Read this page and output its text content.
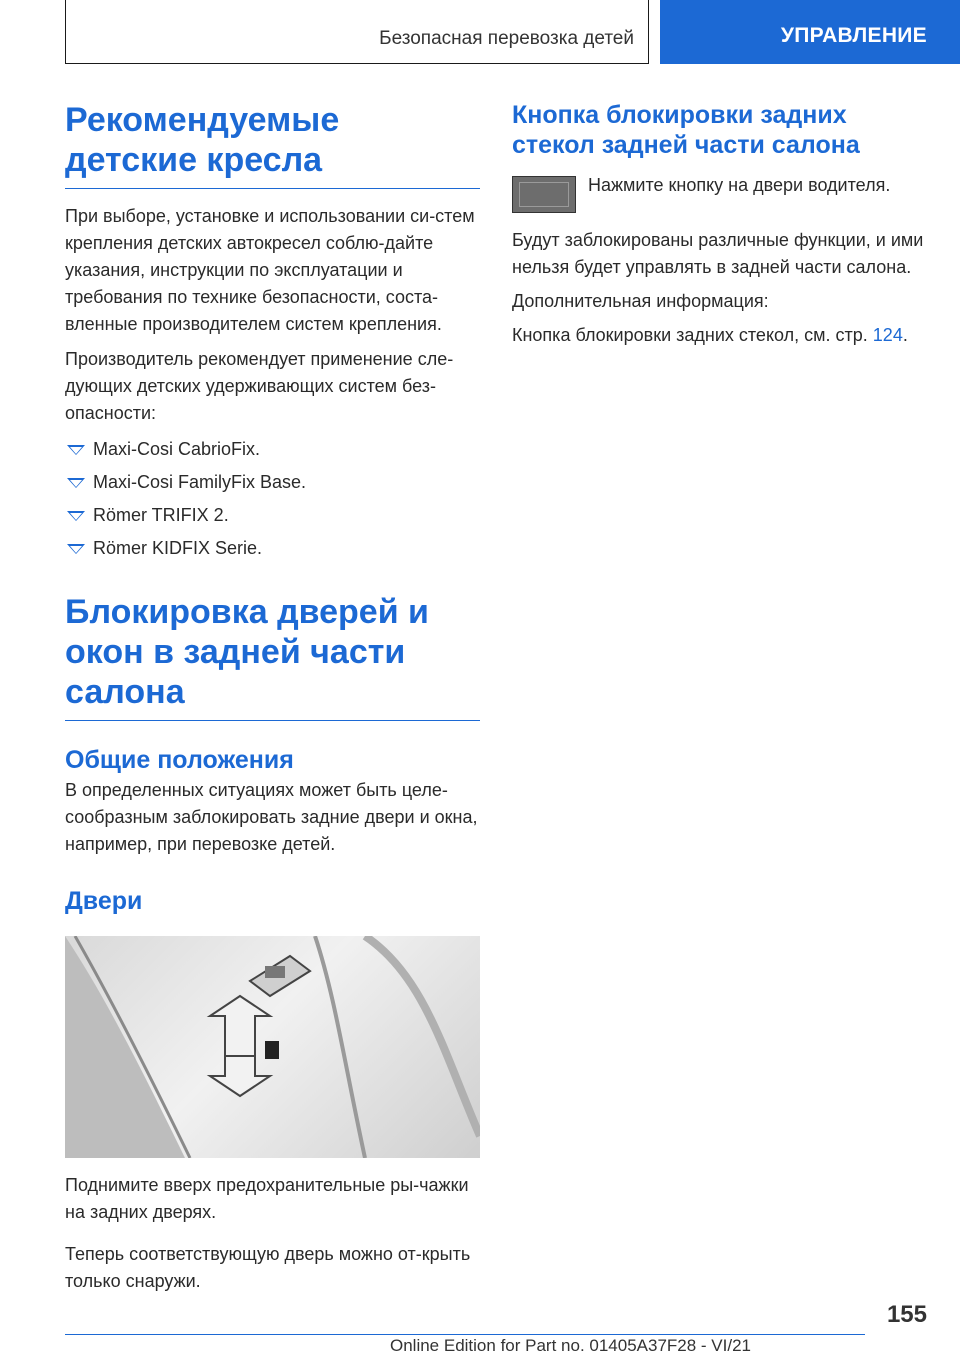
Безопасная перевозка детей	УПРАВЛЕНИЕ
Рекомендуемые детские кресла

При выборе, установке и использовании си-стем крепления детских автокресел соблю-дайте указания, инструкции по эксплуатации и требования по технике безопасности, соста-вленные производителем систем крепления.

Производитель рекомендует применение сле-дующих детских удерживающих систем без-опасности:

Maxi-Cosi CabrioFix.
Maxi-Cosi FamilyFix Base.
Römer TRIFIX 2.
Römer KIDFIX Serie.
Блокировка дверей и окон в задней части салона
Общие положения

В определенных ситуациях может быть целе-сообразным заблокировать задние двери и окна, например, при перевозке детей.

Двери

Поднимите вверх предохранительные ры-чажки на задних дверях.

Теперь соответствующую дверь можно от-крыть только снаружи.

Кнопка блокировки задних стекол задней части салона

Нажмите кнопку на двери водителя.

Будут заблокированы различные функции, и ими нельзя будет управлять в задней части салона.

Дополнительная информация:

Кнопка блокировки задних стекол, см. стр. 124.

155
Online Edition for Part no. 01405A37F28 - VI/21
